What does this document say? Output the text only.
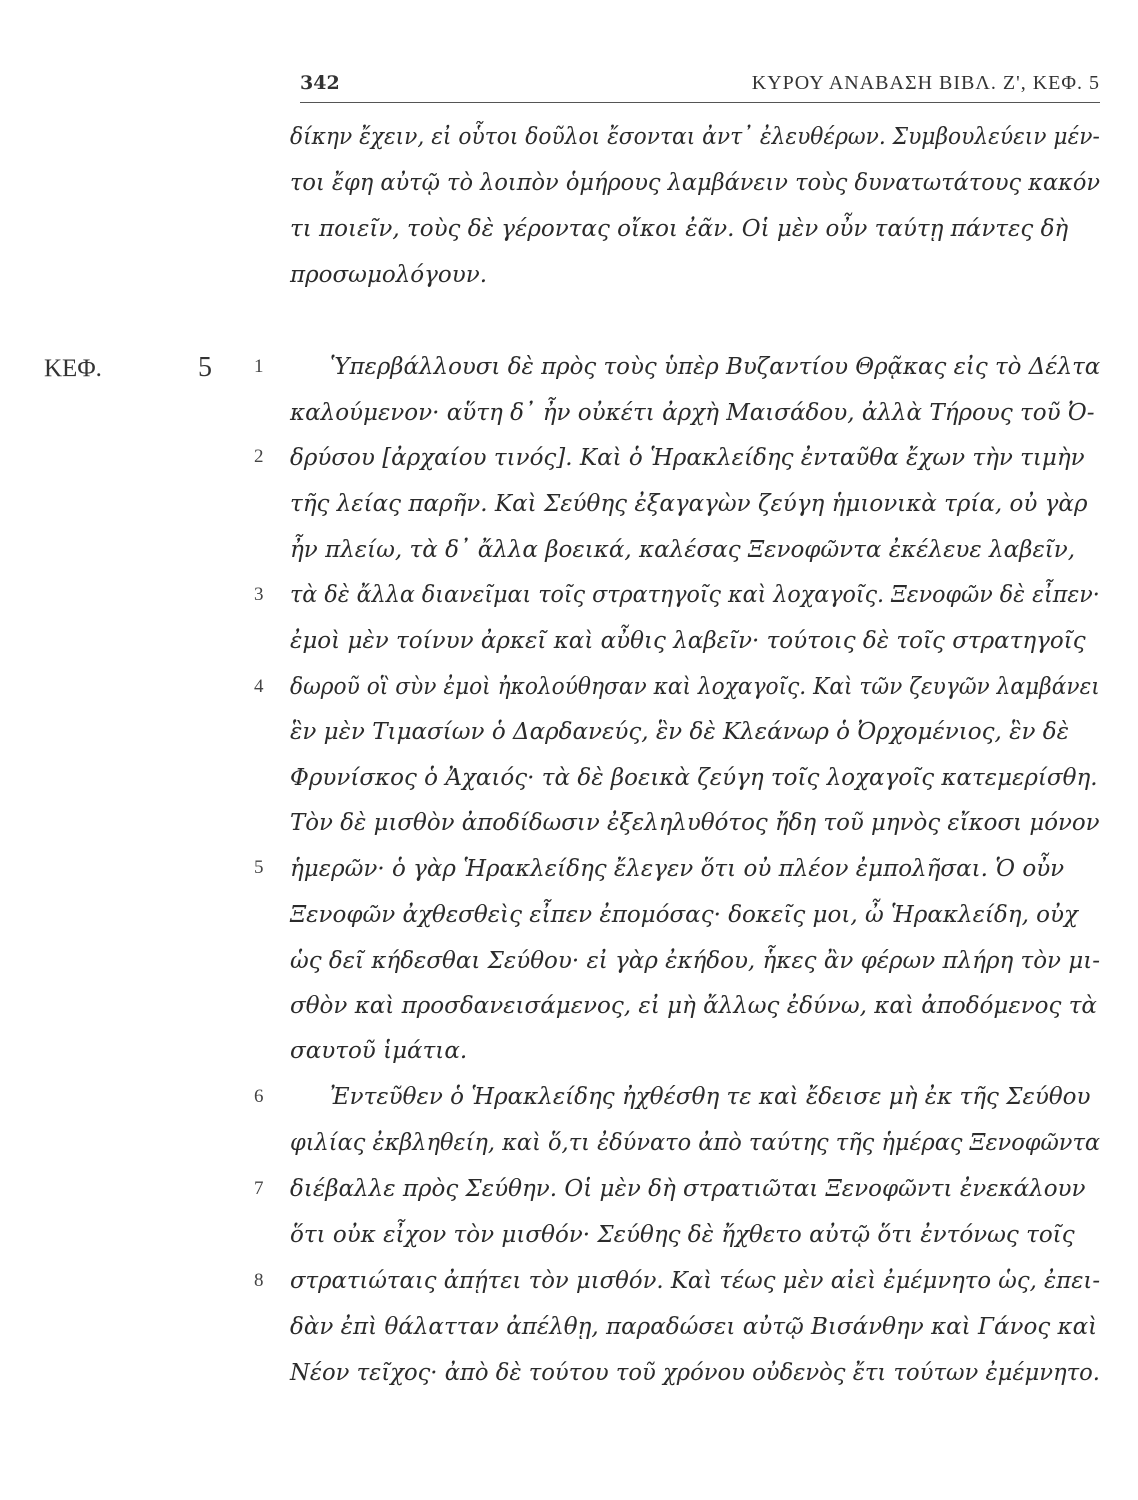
342	ΚΥΡΟΥ ΑΝΑΒΑΣΗ ΒΙΒΛ. Ζ', ΚΕΦ. 5
ΚΕΦ.	5 1
2
3
4
5
6
7
8
δίκην ἔχειν, εἰ οὗτοι δοῦλοι ἔσονται ἀντ᾽ ἐλευθέρων. Συμβουλεύειν μέν-
τοι ἔφη αὐτῷ τὸ λοιπὸν ὁμήρους λαμβάνειν τοὺς δυνατωτάτους κακόν
τι ποιεῖν, τοὺς δὲ γέροντας οἴκοι ἐᾶν. Οἱ μὲν οὖν ταύτῃ πάντες δὴ
προσωμολόγουν.
Ὑπερβάλλουσι δὲ πρὸς τοὺς ὑπὲρ Βυζαντίου Θρᾷκας εἰς τὸ Δέλτα
καλούμενον· αὕτη δ᾽ ἦν οὐκέτι ἀρχὴ Μαισάδου, ἀλλὰ Τήρους τοῦ Ὀ-
δρύσου [ἀρχαίου τινός]. Καὶ ὁ Ἡρακλείδης ἐνταῦθα ἔχων τὴν τιμὴν
τῆς λείας παρῆν. Καὶ Σεύθης ἐξαγαγὼν ζεύγη ἡμιονικὰ τρία, οὐ γὰρ
ἦν πλείω, τὰ δ᾽ ἄλλα βοεικά, καλέσας Ξενοφῶντα ἐκέλευε λαβεῖν,
τὰ δὲ ἄλλα διανεῖμαι τοῖς στρατηγοῖς καὶ λοχαγοῖς. Ξενοφῶν δὲ εἶπεν·
ἐμοὶ μὲν τοίνυν ἀρκεῖ καὶ αὖθις λαβεῖν· τούτοις δὲ τοῖς στρατηγοῖς
δωροῦ οἳ σὺν ἐμοὶ ἠκολούθησαν καὶ λοχαγοῖς. Καὶ τῶν ζευγῶν λαμβάνει
ἓν μὲν Τιμασίων ὁ Δαρδανεύς, ἓν δὲ Κλεάνωρ ὁ Ὀρχομένιος, ἓν δὲ
Φρυνίσκος ὁ Ἀχαιός· τὰ δὲ βοεικὰ ζεύγη τοῖς λοχαγοῖς κατεμερίσθη.
Τὸν δὲ μισθὸν ἀποδίδωσιν ἐξεληλυθότος ἤδη τοῦ μηνὸς εἴκοσι μόνον
ἡμερῶν· ὁ γὰρ Ἡρακλείδης ἔλεγεν ὅτι οὐ πλέον ἐμπολῆσαι. Ὁ οὖν
Ξενοφῶν ἀχθεσθεὶς εἶπεν ἐπομόσας· δοκεῖς μοι, ὦ Ἡρακλείδη, οὐχ
ὡς δεῖ κήδεσθαι Σεύθου· εἰ γὰρ ἐκήδου, ἧκες ἂν φέρων πλήρη τὸν μι-
σθὸν καὶ προσδανεισάμενος, εἰ μὴ ἄλλως ἐδύνω, καὶ ἀποδόμενος τὰ
σαυτοῦ ἱμάτια.
Ἐντεῦθεν ὁ Ἡρακλείδης ἠχθέσθη τε καὶ ἔδεισε μὴ ἐκ τῆς Σεύθου
φιλίας ἐκβληθείη, καὶ ὅ,τι ἐδύνατο ἀπὸ ταύτης τῆς ἡμέρας Ξενοφῶντα
διέβαλλε πρὸς Σεύθην. Οἱ μὲν δὴ στρατιῶται Ξενοφῶντι ἐνεκάλουν
ὅτι οὐκ εἶχον τὸν μισθόν· Σεύθης δὲ ἤχθετο αὐτῷ ὅτι ἐντόνως τοῖς
στρατιώταις ἀπῄτει τὸν μισθόν. Καὶ τέως μὲν αἰεὶ ἐμέμνητο ὡς, ἐπει-
δὰν ἐπὶ θάλατταν ἀπέλθῃ, παραδώσει αὐτῷ Βισάνθην καὶ Γάνος καὶ
Νέον τεῖχος· ἀπὸ δὲ τούτου τοῦ χρόνου οὐδενὸς ἔτι τούτων ἐμέμνητο.
